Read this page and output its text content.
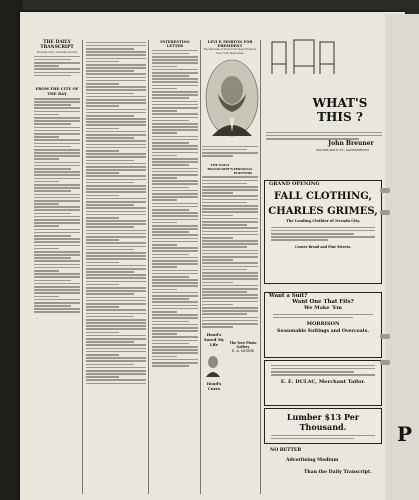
THE DAILY TRANSCRIPT
Nevada City, Nevada County
FROM THE CITY OF THE BAY
INTERESTING LETTER
LEVI P. MORTON FOR PRESIDENT
Republicans of New York State Endorse New York Statesman
THE DAILY TRANSCRIPT'S PERSONAL POINTERS
Hood's Saved My Life	The New Photo Gallery
E. A. MOORE
Hood's Cures
WHAT'S THIS ?
John Breuner
604-606-608 K ST., SACRAMENTO
GRAND OPENING
FALL CLOTHING,
CHARLES GRIMES,
The Leading Clothier of Nevada City.
Corner Broad and Pine Streets.
Want a Suit?
Want One That Fits?
We Make 'Em
MORRISON
Seasonable Suitings and Overcoats.
E. E. DULAC, Merchant Tailor.
Lumber $13 Per Thousand.
NO BETTER
Advertising Medium
Than the Daily Transcript.
P
